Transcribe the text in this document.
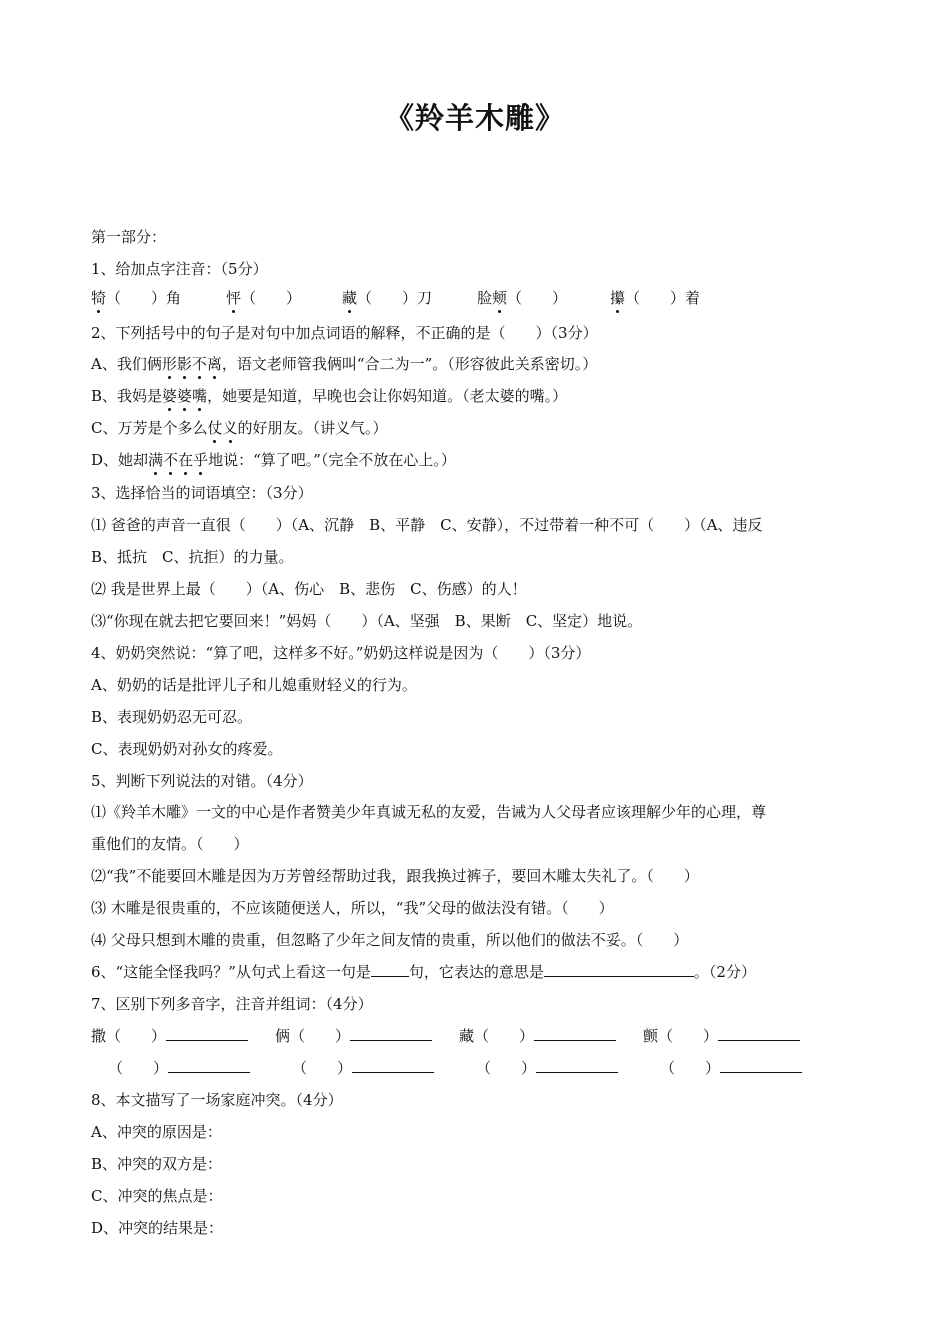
《羚羊木雕》
第一部分：
1、给加点字注音：（5分）
犄（　　）角	怦（　　）	藏（　　）刀	脸颊（　　）	攥（　　）着
2、下列括号中的句子是对句中加点词语的解释，不正确的是（　　）（3分）
A、我们俩形影不离，语文老师管我俩叫“合二为一”。（形容彼此关系密切。）
B、我妈是婆婆嘴，她要是知道，早晚也会让你妈知道。（老太婆的嘴。）
C、万芳是个多么仗义的好朋友。（讲义气。）
D、她却满不在乎地说：“算了吧。”（完全不放在心上。）
3、选择恰当的词语填空：（3分）
⑴ 爸爸的声音一直很（　　）（A、沉静　B、平静　C、安静），不过带着一种不可（　　）（A、违反
B、抵抗　C、抗拒）的力量。
⑵ 我是世界上最（　　）（A、伤心　B、悲伤　C、伤感）的人！
⑶“你现在就去把它要回来！”妈妈（　　）（A、坚强　B、果断　C、坚定）地说。
4、奶奶突然说：“算了吧，这样多不好。”奶奶这样说是因为（　　）（3分）
A、奶奶的话是批评儿子和儿媳重财轻义的行为。
B、表现奶奶忍无可忍。
C、表现奶奶对孙女的疼爱。
5、判断下列说法的对错。（4分）
⑴《羚羊木雕》一文的中心是作者赞美少年真诚无私的友爱，告诫为人父母者应该理解少年的心理，尊
重他们的友情。（　　）
⑵“我”不能要回木雕是因为万芳曾经帮助过我，跟我换过裤子，要回木雕太失礼了。（　　）
⑶ 木雕是很贵重的，不应该随便送人，所以，“我”父母的做法没有错。（　　）
⑷ 父母只想到木雕的贵重，但忽略了少年之间友情的贵重，所以他们的做法不妥。（　　）
6、“这能全怪我吗？”从句式上看这一句是	句，它表达的意思是	。（2分）
7、区别下列多音字，注音并组词：（4分）
撒（　　）	俩（　　）	藏（　　）	颤（　　）
（　　）	（　　）	（　　）	（　　）
8、本文描写了一场家庭冲突。（4分）
A、冲突的原因是：
B、冲突的双方是：
C、冲突的焦点是：
D、冲突的结果是：
